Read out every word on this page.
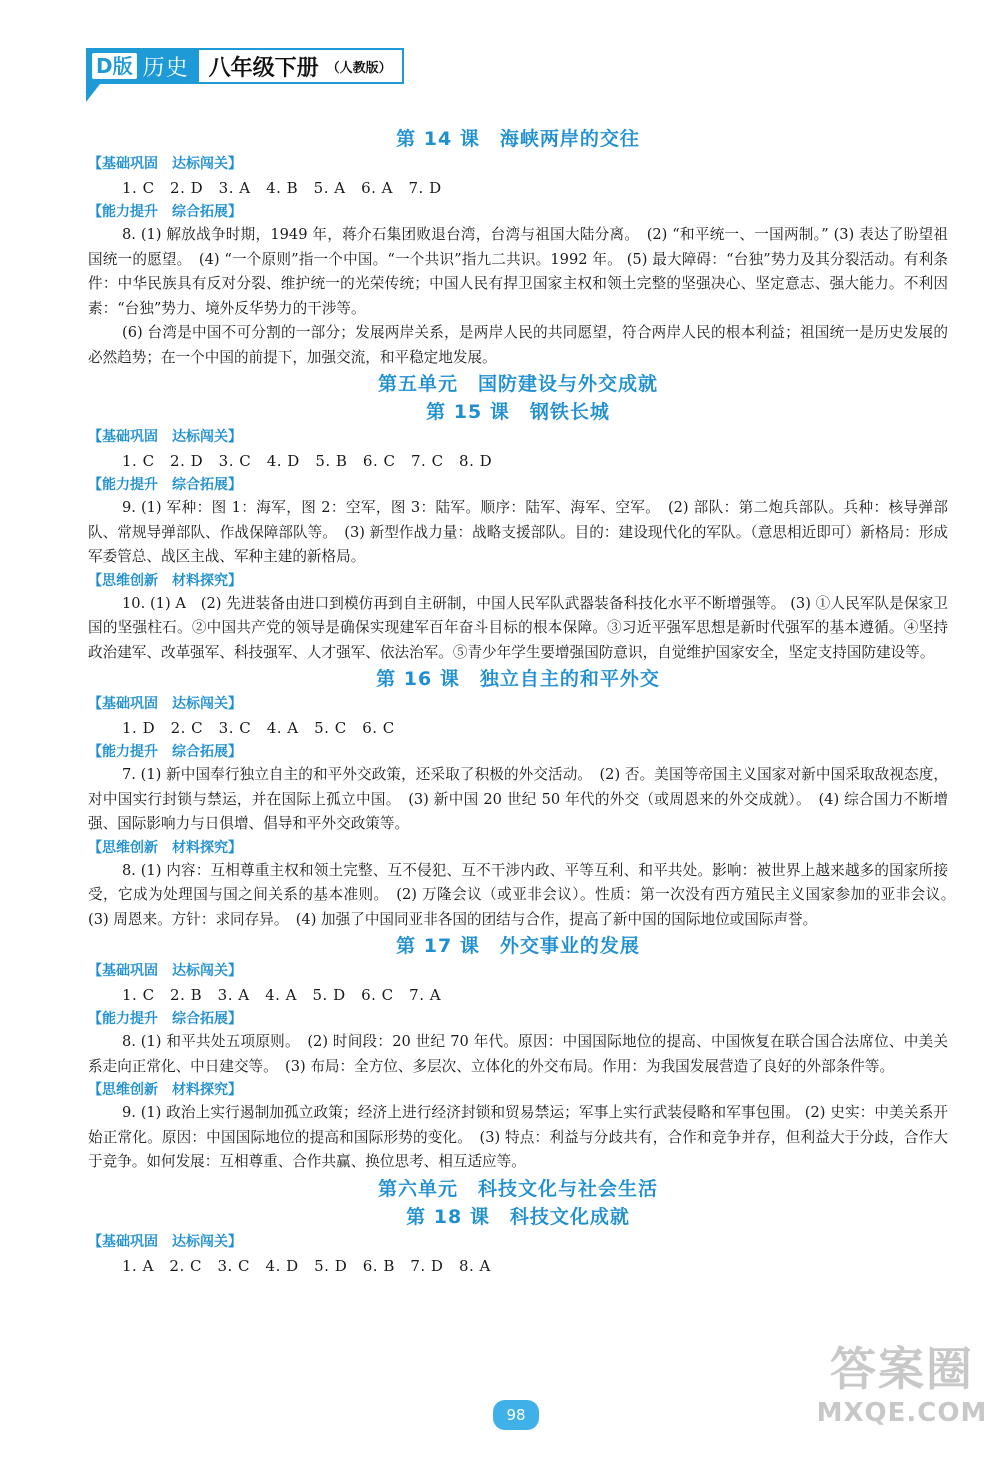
D版 历史 八年级下册 （人教版）

第 14 课　海峡两岸的交往

【基础巩固　达标闯关】

1. C　2. D　3. A　4. B　5. A　6. A　7. D

【能力提升　综合拓展】

8. (1) 解放战争时期，1949 年，蒋介石集团败退台湾，台湾与祖国大陆分离。　(2) “和平统一、一国两制。” (3) 表达了盼望祖国统一的愿望。　(4) “一个原则”指一个中国。“一个共识”指九二共识。1992 年。 (5) 最大障碍：“台独”势力及其分裂活动。有利条件：中华民族具有反对分裂、维护统一的光荣传统；中国人民有捍卫国家主权和领土完整的坚强决心、坚定意志、强大能力。不利因素：“台独”势力、境外反华势力的干涉等。

(6) 台湾是中国不可分割的一部分；发展两岸关系，是两岸人民的共同愿望，符合两岸人民的根本利益；祖国统一是历史发展的必然趋势；在一个中国的前提下，加强交流，和平稳定地发展。

第五单元　国防建设与外交成就

第 15 课　钢铁长城

【基础巩固　达标闯关】

1. C　2. D　3. C　4. D　5. B　6. C　7. C　8. D

【能力提升　综合拓展】

9. (1) 军种：图 1：海军，图 2：空军，图 3：陆军。顺序：陆军、海军、空军。　(2) 部队：第二炮兵部队。兵种：核导弹部队、常规导弹部队、作战保障部队等。　(3) 新型作战力量：战略支援部队。目的：建设现代化的军队。（意思相近即可）新格局：形成军委管总、战区主战、军种主建的新格局。

【思维创新　材料探究】

10. (1) A　(2) 先进装备由进口到模仿再到自主研制，中国人民军队武器装备科技化水平不断增强等。 (3) ①人民军队是保家卫国的坚强柱石。②中国共产党的领导是确保实现建军百年奋斗目标的根本保障。③习近平强军思想是新时代强军的基本遵循。④坚持政治建军、改革强军、科技强军、人才强军、依法治军。⑤青少年学生要增强国防意识，自觉维护国家安全，坚定支持国防建设等。

第 16 课　独立自主的和平外交

【基础巩固　达标闯关】

1. D　2. C　3. C　4. A　5. C　6. C

【能力提升　综合拓展】

7. (1) 新中国奉行独立自主的和平外交政策，还采取了积极的外交活动。　(2) 否。美国等帝国主义国家对新中国采取敌视态度，对中国实行封锁与禁运，并在国际上孤立中国。　(3) 新中国 20 世纪 50 年代的外交（或周恩来的外交成就）。　(4) 综合国力不断增强、国际影响力与日俱增、倡导和平外交政策等。

【思维创新　材料探究】

8. (1) 内容：互相尊重主权和领土完整、互不侵犯、互不干涉内政、平等互利、和平共处。影响：被世界上越来越多的国家所接受，它成为处理国与国之间关系的基本准则。　(2) 万隆会议（或亚非会议）。性质：第一次没有西方殖民主义国家参加的亚非会议。　(3) 周恩来。方针：求同存异。　(4) 加强了中国同亚非各国的团结与合作，提高了新中国的国际地位或国际声誉。

第 17 课　外交事业的发展

【基础巩固　达标闯关】

1. C　2. B　3. A　4. A　5. D　6. C　7. A

【能力提升　综合拓展】

8. (1) 和平共处五项原则。　(2) 时间段：20 世纪 70 年代。原因：中国国际地位的提高、中国恢复在联合国合法席位、中美关系走向正常化、中日建交等。　(3) 布局：全方位、多层次、立体化的外交布局。作用：为我国发展营造了良好的外部条件等。

【思维创新　材料探究】

9. (1) 政治上实行遏制加孤立政策；经济上进行经济封锁和贸易禁运；军事上实行武装侵略和军事包围。 (2) 史实：中美关系开始正常化。原因：中国国际地位的提高和国际形势的变化。　(3) 特点：利益与分歧共有，合作和竞争并存，但利益大于分歧，合作大于竞争。如何发展：互相尊重、合作共赢、换位思考、相互适应等。

第六单元　科技文化与社会生活

第 18 课　科技文化成就

【基础巩固　达标闯关】

1. A　2. C　3. C　4. D　5. D　6. B　7. D　8. A

98
答案圈
MXQE.COM
